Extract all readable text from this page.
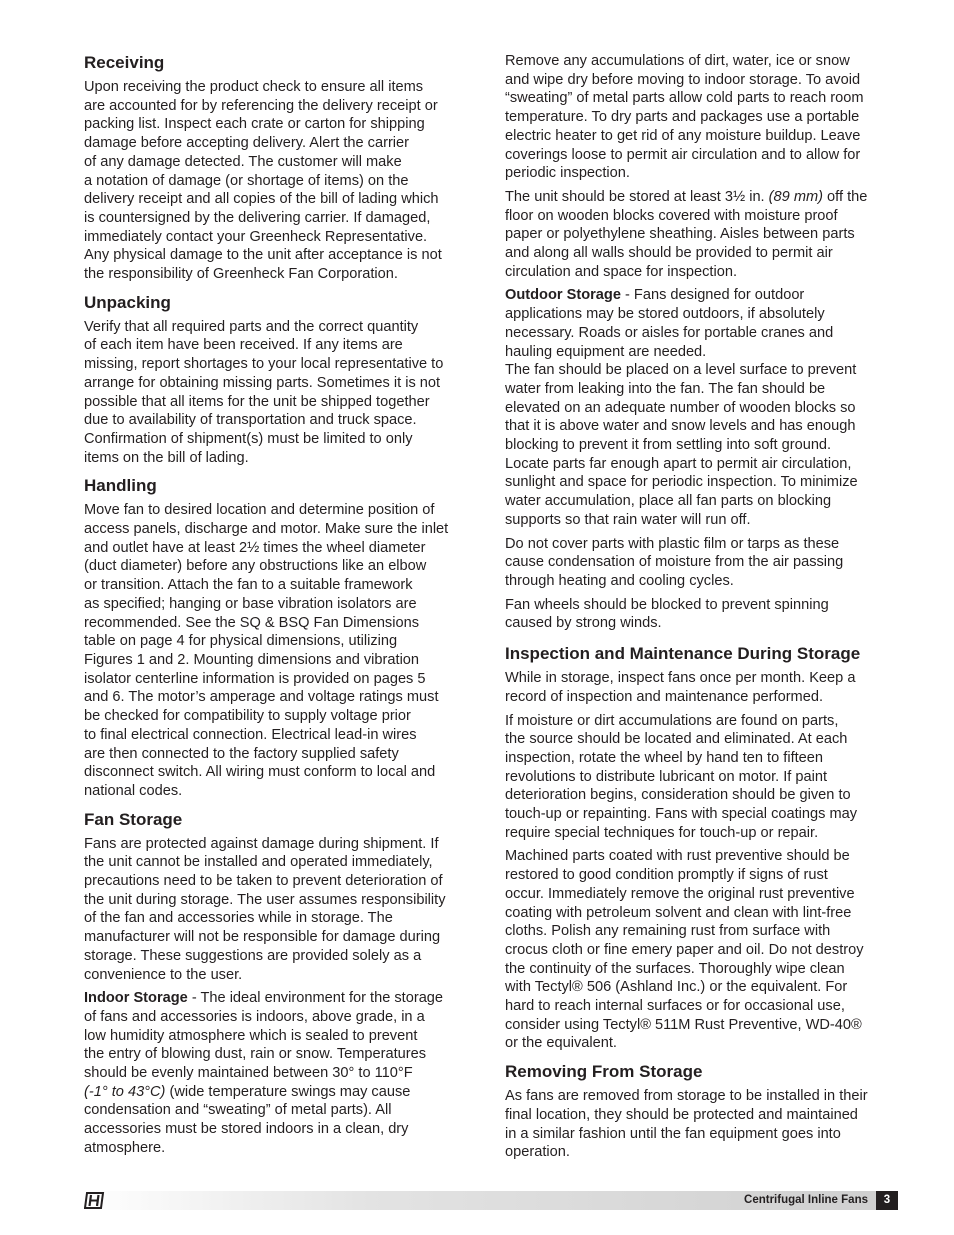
Receiving

Upon receiving the product check to ensure all items
are accounted for by referencing the delivery receipt or
packing list. Inspect each crate or carton for shipping
damage before accepting delivery. Alert the carrier
of any damage detected. The customer will make
a notation of damage (or shortage of items) on the
delivery receipt and all copies of the bill of lading which
is countersigned by the delivering carrier. If damaged,
immediately contact your Greenheck Representative.
Any physical damage to the unit after acceptance is not
the responsibility of Greenheck Fan Corporation.

Unpacking

Verify that all required parts and the correct quantity
of each item have been received. If any items are
missing, report shortages to your local representative to
arrange for obtaining missing parts. Sometimes it is not
possible that all items for the unit be shipped together
due to availability of transportation and truck space.
Confirmation of shipment(s) must be limited to only
items on the bill of lading.

Handling

Move fan to desired location and determine position of
access panels, discharge and motor. Make sure the inlet
and outlet have at least 2½ times the wheel diameter
(duct diameter) before any obstructions like an elbow
or transition. Attach the fan to a suitable framework
as specified; hanging or base vibration isolators are
recommended. See the SQ & BSQ Fan Dimensions
table on page 4 for physical dimensions, utilizing
Figures 1 and 2. Mounting dimensions and vibration
isolator centerline information is provided on pages 5
and 6. The motor’s amperage and voltage ratings must
be checked for compatibility to supply voltage prior
to final electrical connection. Electrical lead-in wires
are then connected to the factory supplied safety
disconnect switch. All wiring must conform to local and
national codes.

Fan Storage

Fans are protected against damage during shipment. If
the unit cannot be installed and operated immediately,
precautions need to be taken to prevent deterioration of
the unit during storage. The user assumes responsibility
of the fan and accessories while in storage. The
manufacturer will not be responsible for damage during
storage. These suggestions are provided solely as a
convenience to the user.

Indoor Storage - The ideal environment for the storage
of fans and accessories is indoors, above grade, in a
low humidity atmosphere which is sealed to prevent
the entry of blowing dust, rain or snow. Temperatures
should be evenly maintained between 30° to 110°F
(-1° to 43°C) (wide temperature swings may cause
condensation and “sweating” of metal parts). All
accessories must be stored indoors in a clean, dry
atmosphere.

Remove any accumulations of dirt, water, ice or snow
and wipe dry before moving to indoor storage. To avoid
“sweating” of metal parts allow cold parts to reach room
temperature. To dry parts and packages use a portable
electric heater to get rid of any moisture buildup. Leave
coverings loose to permit air circulation and to allow for
periodic inspection.

The unit should be stored at least 3½ in. (89 mm) off the
floor on wooden blocks covered with moisture proof
paper or polyethylene sheathing. Aisles between parts
and along all walls should be provided to permit air
circulation and space for inspection.

Outdoor Storage - Fans designed for outdoor
applications may be stored outdoors, if absolutely
necessary. Roads or aisles for portable cranes and
hauling equipment are needed.
The fan should be placed on a level surface to prevent
water from leaking into the fan. The fan should be
elevated on an adequate number of wooden blocks so
that it is above water and snow levels and has enough
blocking to prevent it from settling into soft ground.
Locate parts far enough apart to permit air circulation,
sunlight and space for periodic inspection. To minimize
water accumulation, place all fan parts on blocking
supports so that rain water will run off.

Do not cover parts with plastic film or tarps as these
cause condensation of moisture from the air passing
through heating and cooling cycles.

Fan wheels should be blocked to prevent spinning
caused by strong winds.

Inspection and Maintenance During Storage

While in storage, inspect fans once per month. Keep a
record of inspection and maintenance performed.

If moisture or dirt accumulations are found on parts,
the source should be located and eliminated. At each
inspection, rotate the wheel by hand ten to fifteen
revolutions to distribute lubricant on motor. If paint
deterioration begins, consideration should be given to
touch-up or repainting. Fans with special coatings may
require special techniques for touch-up or repair.

Machined parts coated with rust preventive should be
restored to good condition promptly if signs of rust
occur. Immediately remove the original rust preventive
coating with petroleum solvent and clean with lint-free
cloths. Polish any remaining rust from surface with
crocus cloth or fine emery paper and oil. Do not destroy
the continuity of the surfaces. Thoroughly wipe clean
with Tectyl® 506 (Ashland Inc.) or the equivalent. For
hard to reach internal surfaces or for occasional use,
consider using Tectyl® 511M Rust Preventive, WD-40®
or the equivalent.

Removing From Storage

As fans are removed from storage to be installed in their
final location, they should be protected and maintained
in a similar fashion until the fan equipment goes into
operation.

Centrifugal Inline Fans	3
